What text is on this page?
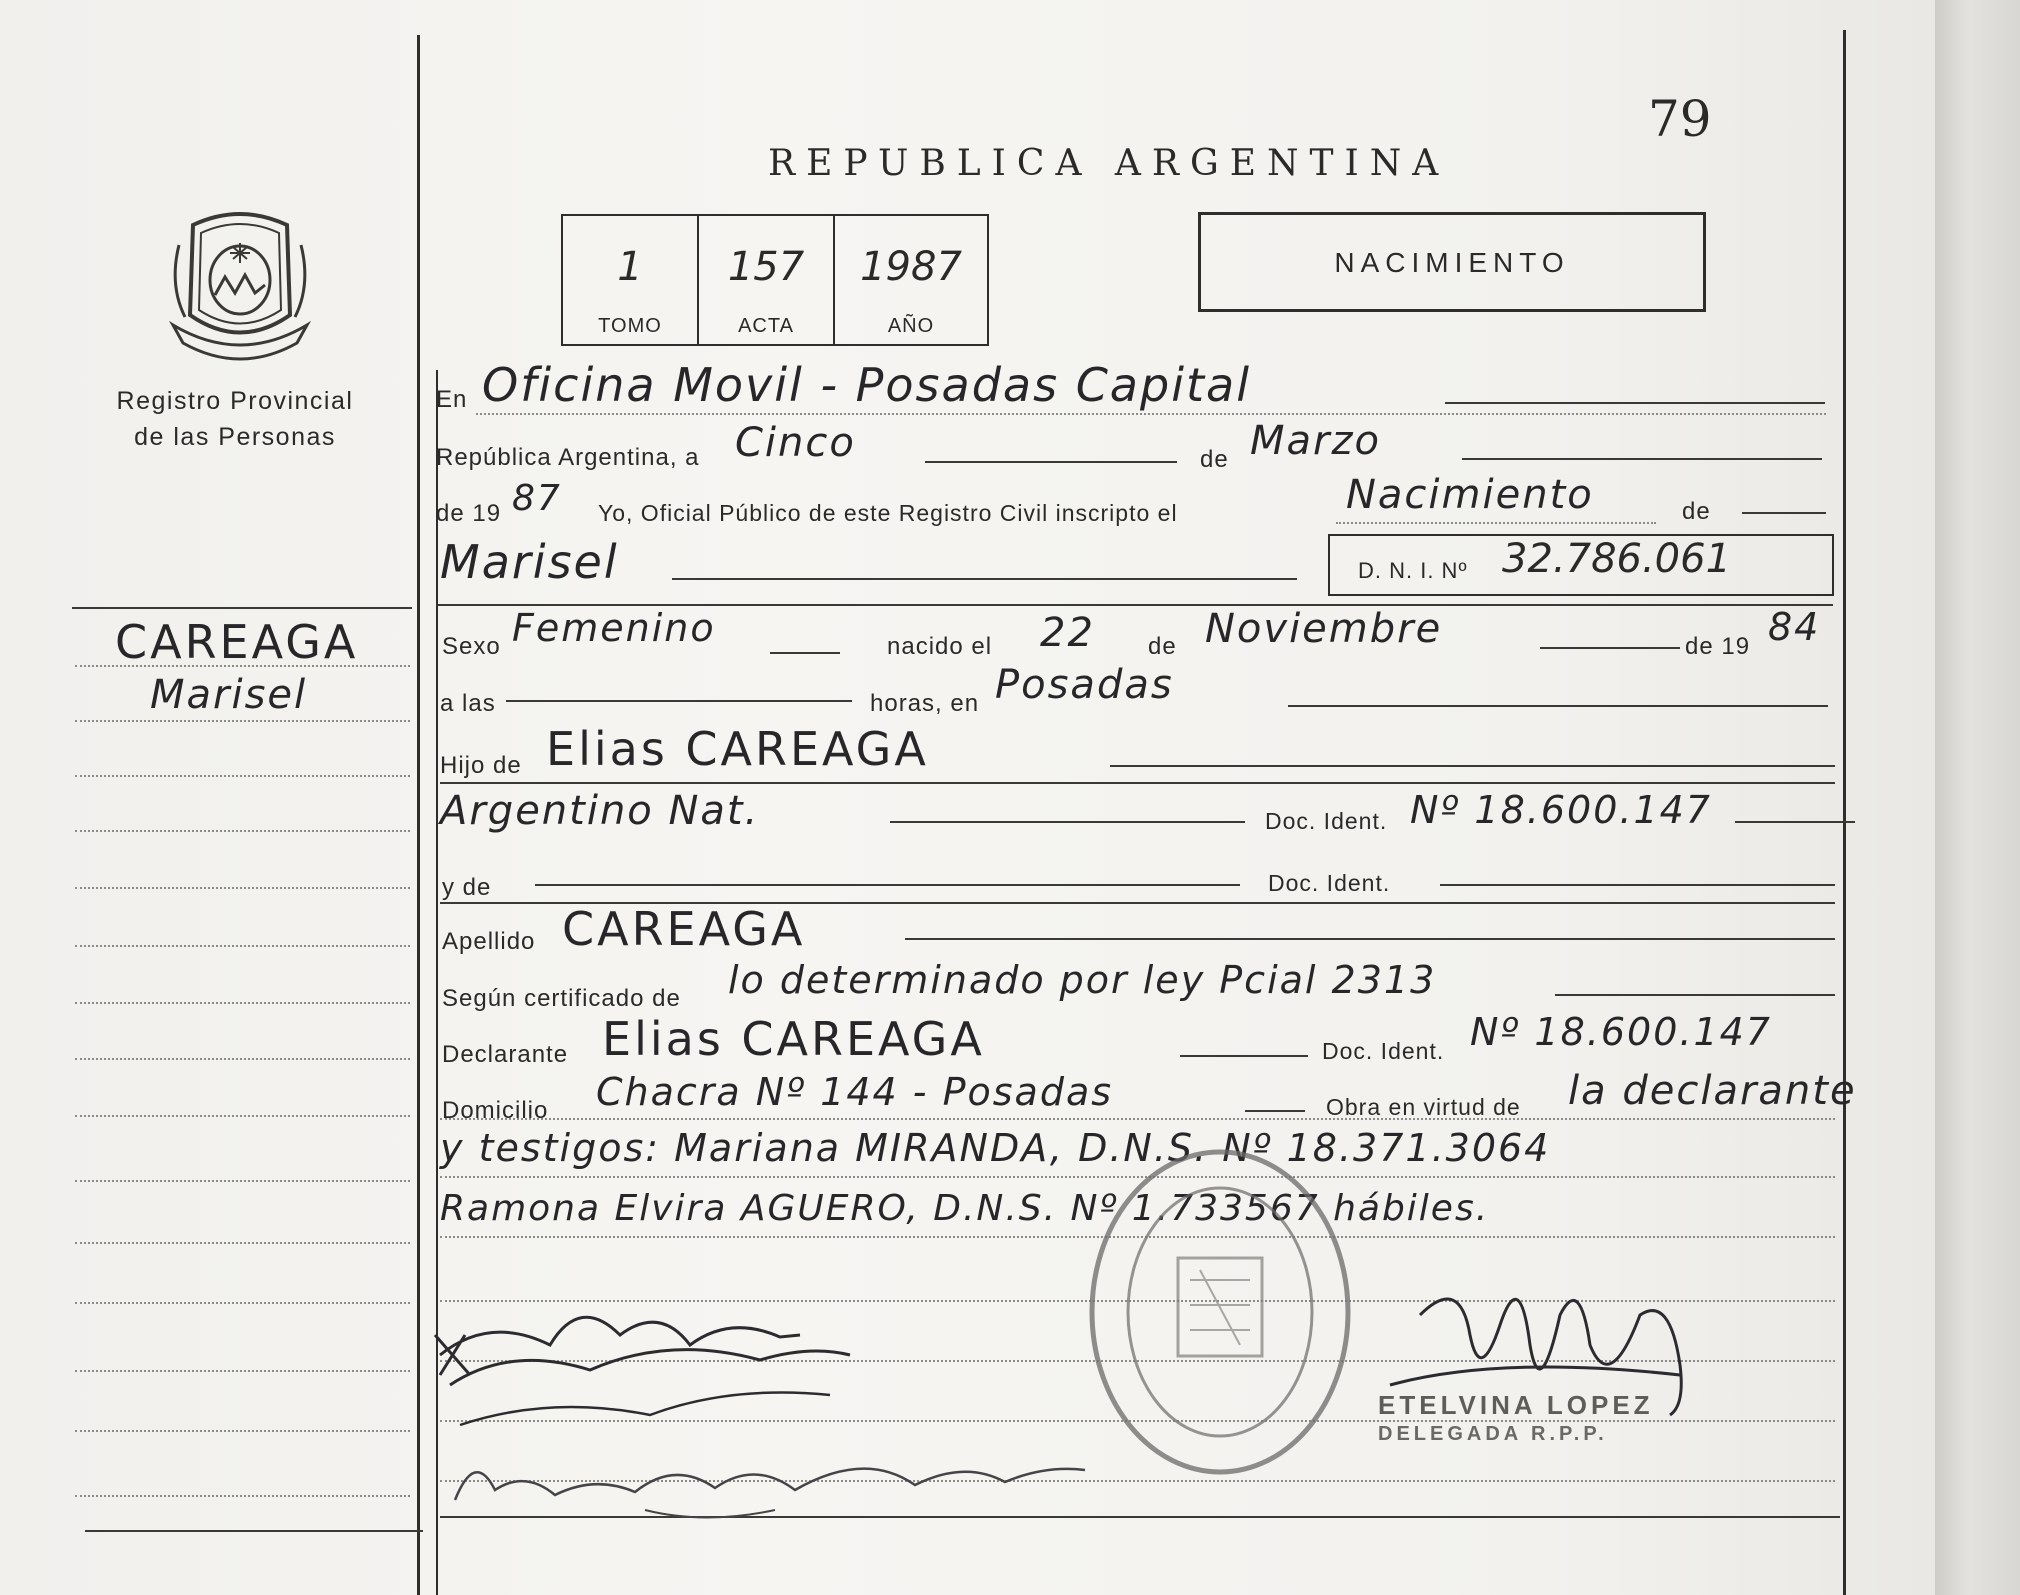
79
REPUBLICA ARGENTINA
Registro Provincial
de las Personas
1
TOMO
157
ACTA
1987
AÑO
NACIMIENTO
CAREAGA
Marisel
En Oficina Movil - Posadas Capital
República Argentina, a Cinco	de Marzo
de 19 87 Yo, Oficial Público de este Registro Civil inscripto el	Nacimiento	de
Marisel	D. N. I. Nº 32.786.061
Sexo Femenino	nacido el 22 de Noviembre	de 19 84
a las	horas, en Posadas
Hijo de Elias CAREAGA
Argentino Nat.	Doc. Ident. Nº 18.600.147
y de	Doc. Ident.
Apellido CAREAGA
Según certificado de lo determinado por ley Pcial 2313
Declarante Elias CAREAGA	Doc. Ident. Nº 18.600.147
Domicilio Chacra Nº 144 - Posadas	Obra en virtud de la declarante
y testigos: Mariana MIRANDA, D.N.S. Nº 18.371.3064
Ramona Elvira AGUERO, D.N.S. Nº 1.733567 hábiles.
ETELVINA LOPEZ
DELEGADA R.P.P.
